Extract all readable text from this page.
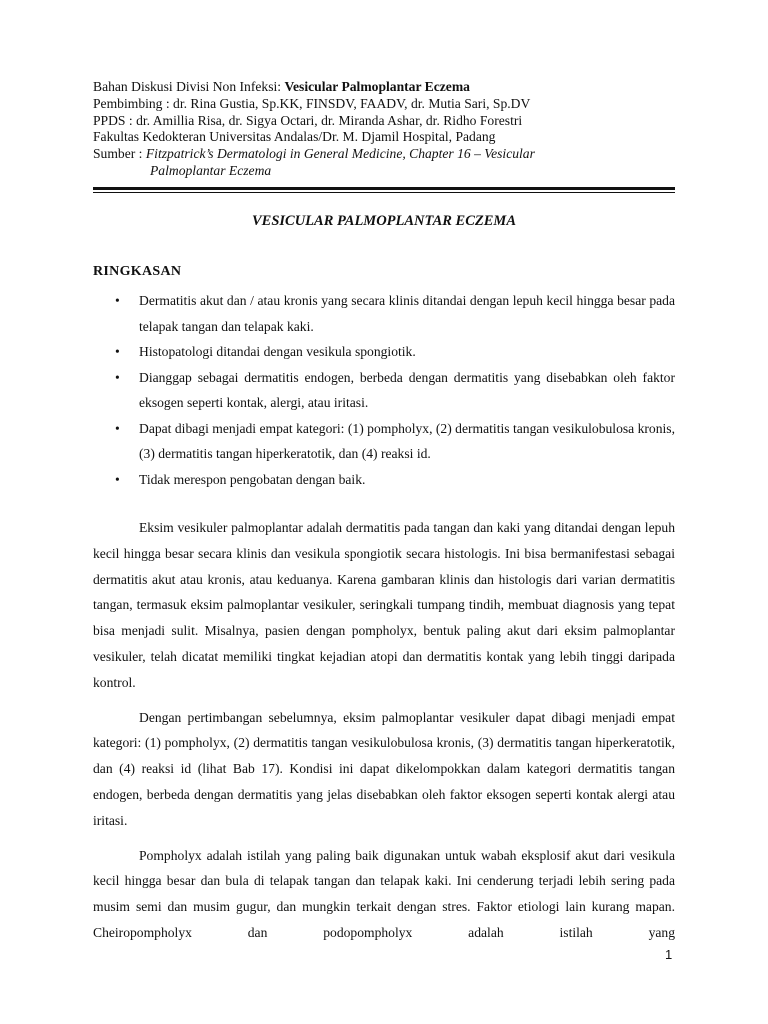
Bahan Diskusi Divisi Non Infeksi: Vesicular Palmoplantar Eczema
Pembimbing : dr. Rina Gustia, Sp.KK, FINSDV, FAADV, dr. Mutia Sari, Sp.DV
PPDS : dr. Amillia Risa, dr. Sigya Octari, dr. Miranda Ashar, dr. Ridho Forestri
Fakultas Kedokteran Universitas Andalas/Dr. M. Djamil Hospital, Padang
Sumber : Fitzpatrick’s Dermatologi in General Medicine, Chapter 16 – Vesicular
Palmoplantar Eczema
VESICULAR PALMOPLANTAR ECZEMA
RINGKASAN
• Dermatitis akut dan / atau kronis yang secara klinis ditandai dengan lepuh kecil hingga besar pada telapak tangan dan telapak kaki.
• Histopatologi ditandai dengan vesikula spongiotik.
• Dianggap sebagai dermatitis endogen, berbeda dengan dermatitis yang disebabkan oleh faktor eksogen seperti kontak, alergi, atau iritasi.
• Dapat dibagi menjadi empat kategori: (1) pompholyx, (2) dermatitis tangan vesikulobulosa kronis, (3) dermatitis tangan hiperkeratotik, dan (4) reaksi id.
• Tidak merespon pengobatan dengan baik.

Eksim vesikuler palmoplantar adalah dermatitis pada tangan dan kaki yang ditandai dengan lepuh kecil hingga besar secara klinis dan vesikula spongiotik secara histologis. Ini bisa bermanifestasi sebagai dermatitis akut atau kronis, atau keduanya. Karena gambaran klinis dan histologis dari varian dermatitis tangan, termasuk eksim palmoplantar vesikuler, seringkali tumpang tindih, membuat diagnosis yang tepat bisa menjadi sulit. Misalnya, pasien dengan pompholyx, bentuk paling akut dari eksim palmoplantar vesikuler, telah dicatat memiliki tingkat kejadian atopi dan dermatitis kontak yang lebih tinggi daripada kontrol.

Dengan pertimbangan sebelumnya, eksim palmoplantar vesikuler dapat dibagi menjadi empat kategori: (1) pompholyx, (2) dermatitis tangan vesikulobulosa kronis, (3) dermatitis tangan hiperkeratotik, dan (4) reaksi id (lihat Bab 17). Kondisi ini dapat dikelompokkan dalam kategori dermatitis tangan endogen, berbeda dengan dermatitis yang jelas disebabkan oleh faktor eksogen seperti kontak alergi atau iritasi.

Pompholyx adalah istilah yang paling baik digunakan untuk wabah eksplosif akut dari vesikula kecil hingga besar dan bula di telapak tangan dan telapak kaki. Ini cenderung terjadi lebih sering pada musim semi dan musim gugur, dan mungkin terkait dengan stres. Faktor etiologi lain kurang mapan. Cheiropompholyx dan podopompholyx adalah istilah yang

1
